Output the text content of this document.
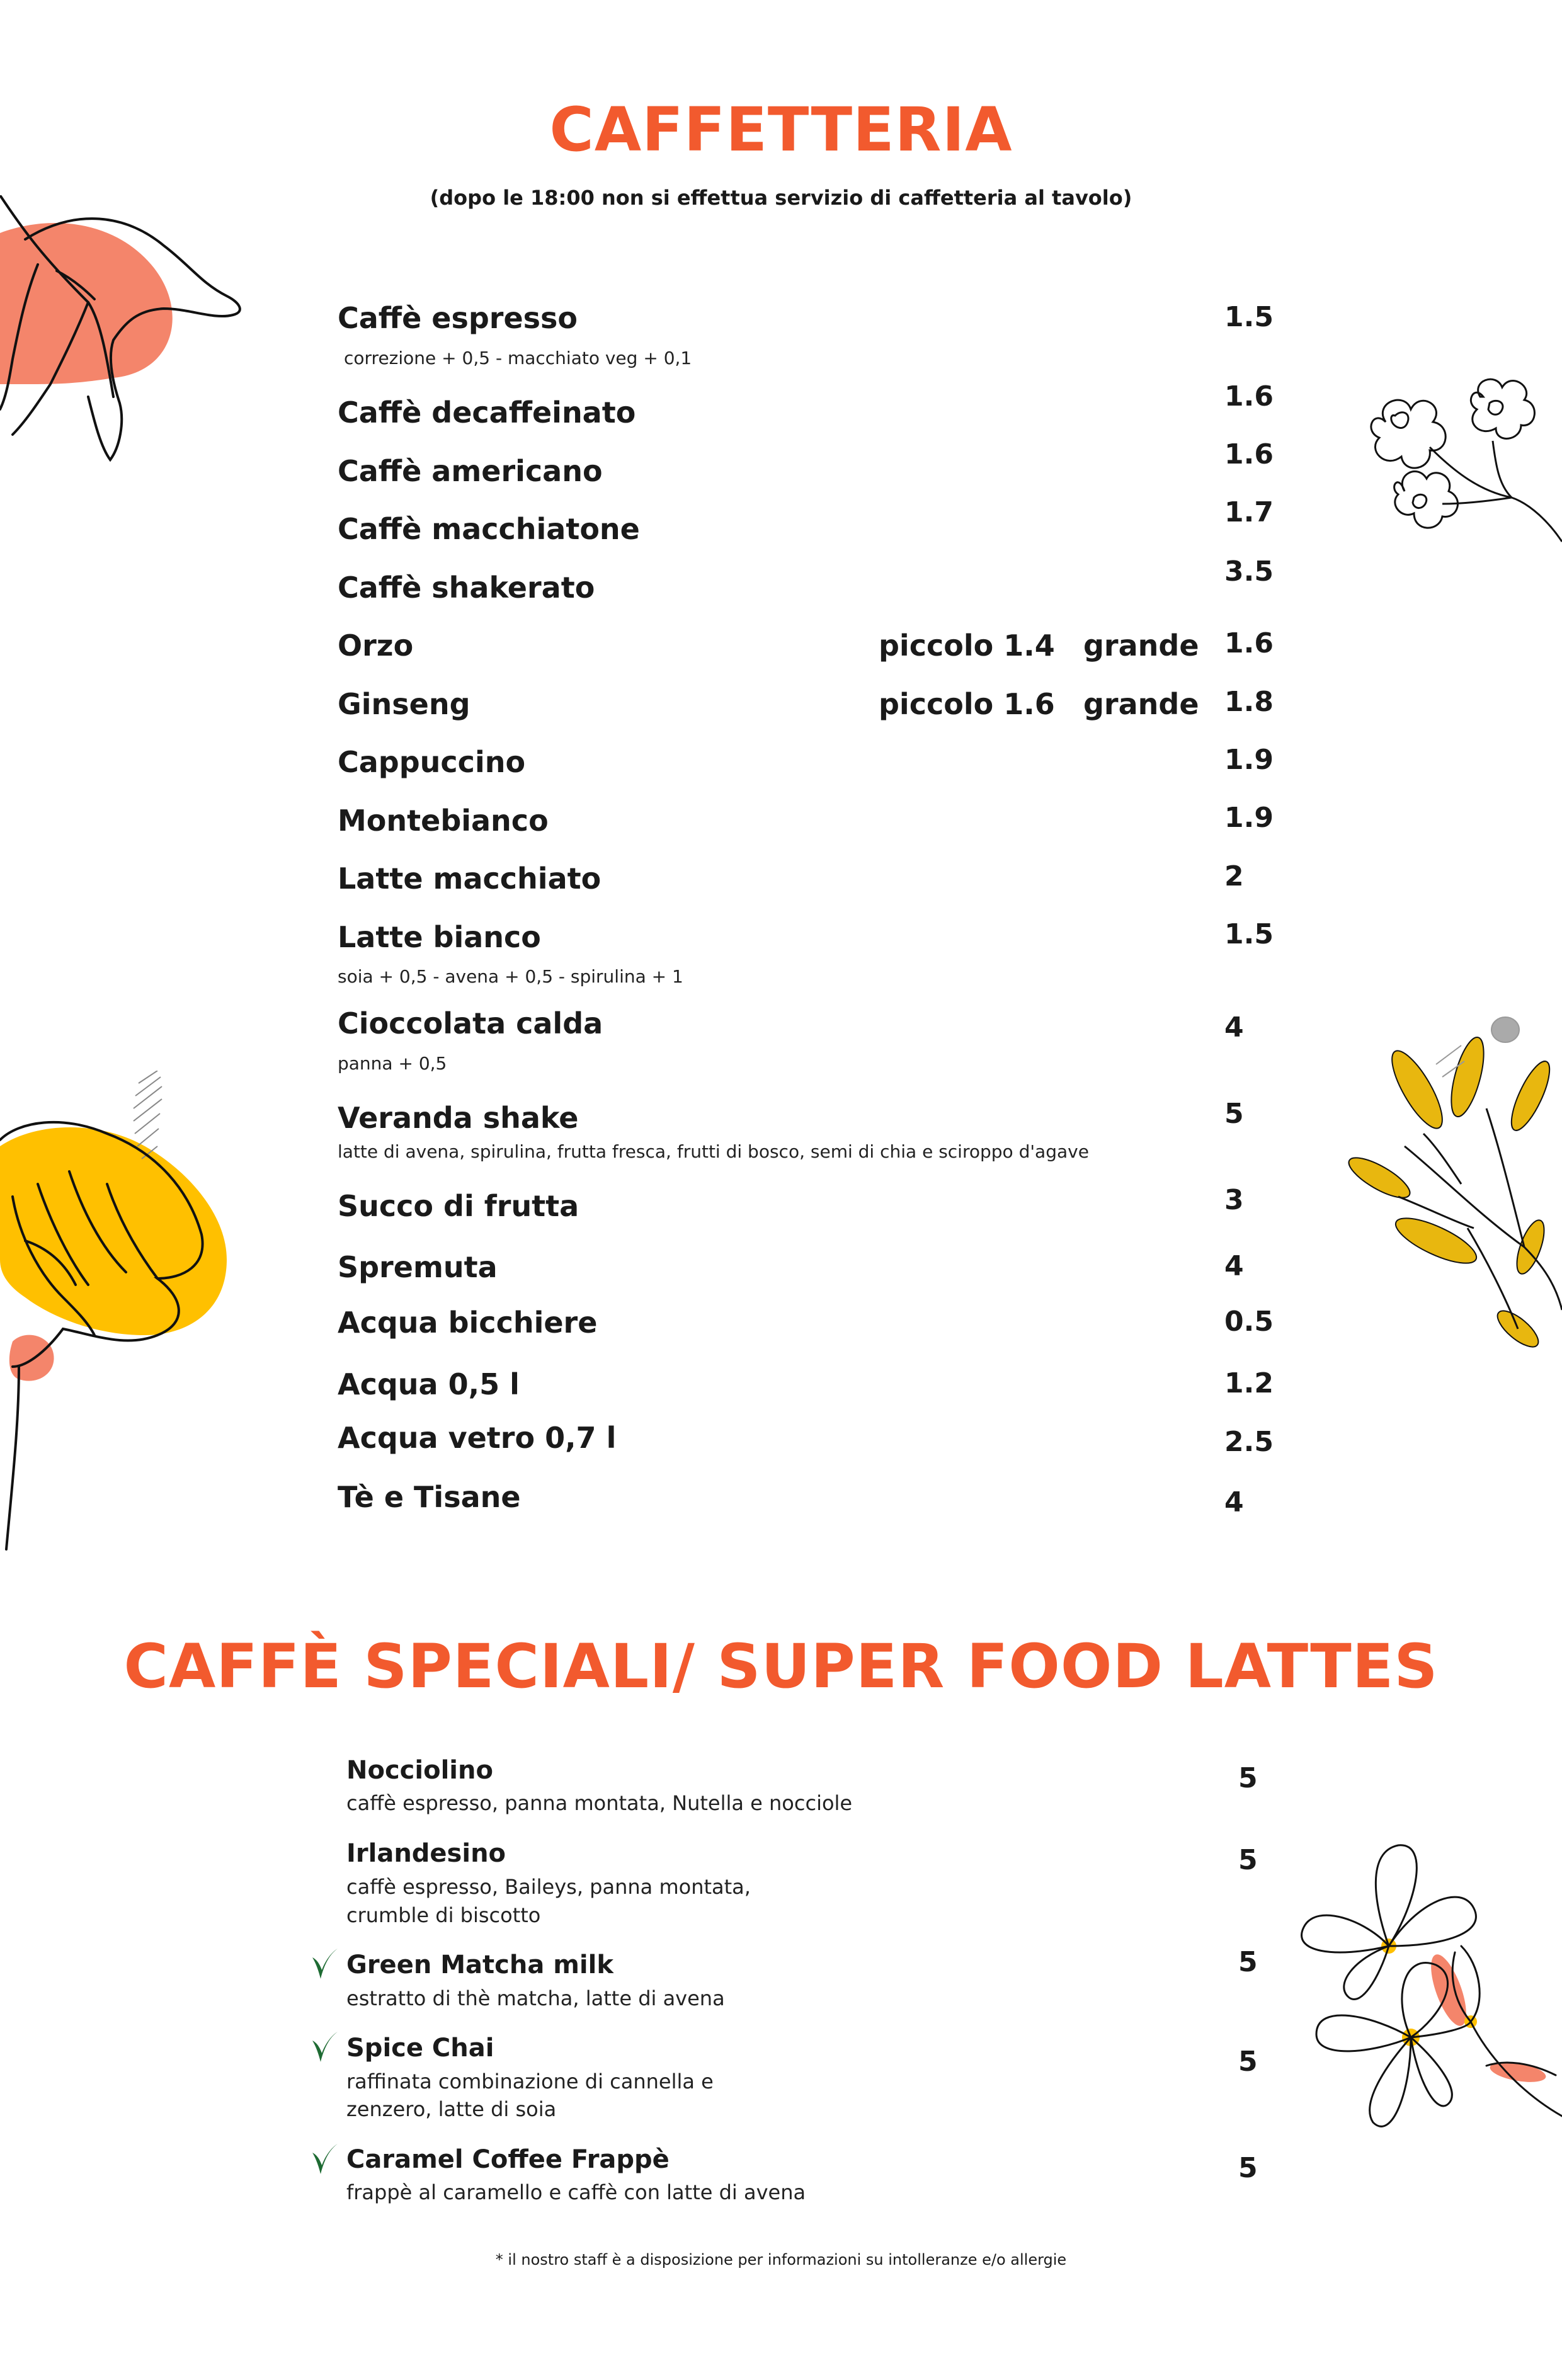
CAFFETTERIA
(dopo le 18:00 non si effettua servizio di caffetteria al tavolo)
Caffè espresso
correzione + 0,5 - macchiato veg + 0,1
1.5
Caffè decaffeinato	1.6
Caffè americano	1.6
Caffè macchiatone	1.7
Caffè shakerato	3.5
Orzo	piccolo 1.4 grande 1.6
Ginseng	piccolo 1.6 grande 1.8
Cappuccino	1.9
Montebianco	1.9
Latte macchiato	2
Latte bianco
soia + 0,5 - avena + 0,5 - spirulina + 1
1.5
Cioccolata calda
panna + 0,5
4
Veranda shake
latte di avena, spirulina, frutta fresca, frutti di bosco, semi di chia e sciroppo d'agave
5
Succo di frutta	3
Spremuta	4
Acqua bicchiere	0.5
Acqua 0,5 l	1.2
Acqua vetro 0,7 l	2.5
Tè e Tisane	4
CAFFÈ SPECIALI/ SUPER FOOD LATTES
Nocciolino
caffè espresso, panna montata, Nutella e nocciole
5
Irlandesino
caffè espresso, Baileys, panna montata,
crumble di biscotto
5
Green Matcha milk
estratto di thè matcha, latte di avena
5
Spice Chai
raffinata combinazione di cannella e
zenzero, latte di soia
5
Caramel Coffee Frappè
frappè al caramello e caffè con latte di avena
5
* il nostro staff è a disposizione per informazioni su intolleranze e/o allergie
